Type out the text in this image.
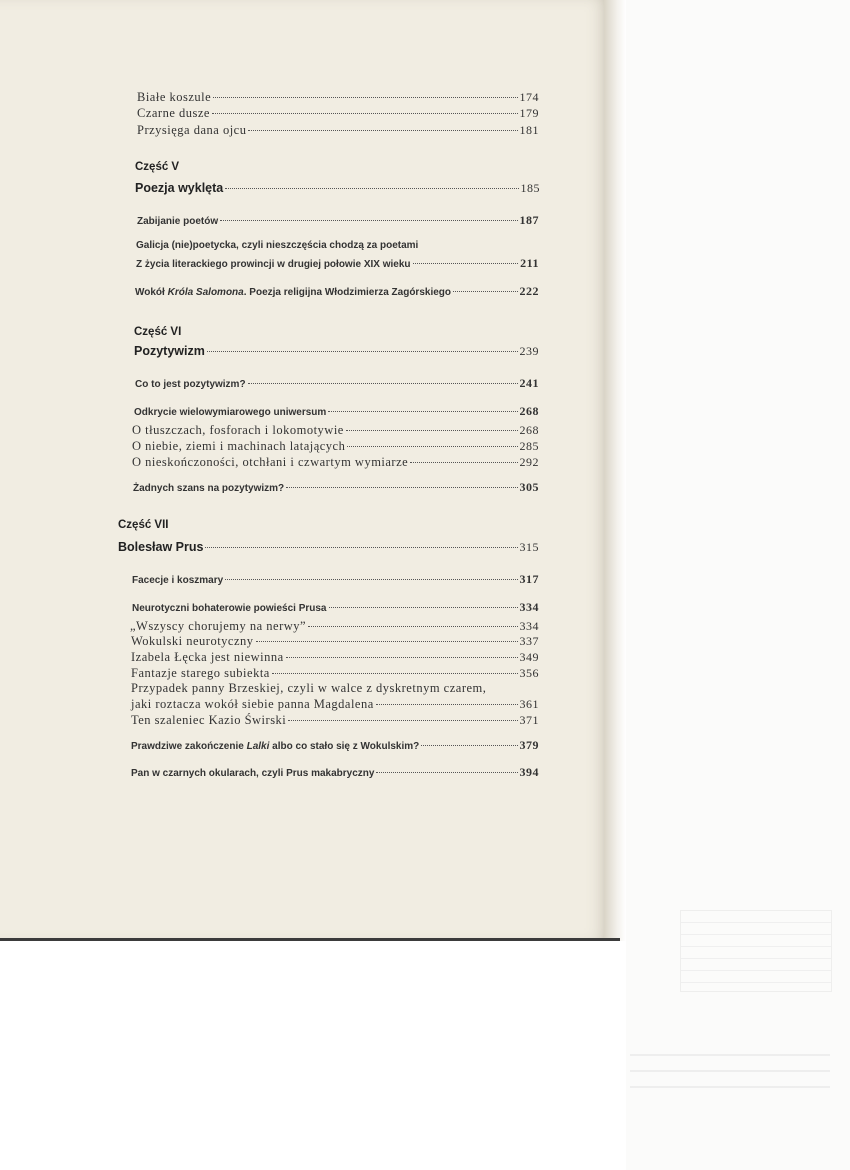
Białe koszule	174
Czarne dusze	179
Przysięga dana ojcu	181
Część V
Poezja wyklęta	185
Zabijanie poetów	187
Galicja (nie)poetycka, czyli nieszczęścia chodzą za poetami
Z życia literackiego prowincji w drugiej połowie XIX wieku	211
Wokół Króla Salomona. Poezja religijna Włodzimierza Zagórskiego	222
Część VI
Pozytywizm	239
Co to jest pozytywizm?	241
Odkrycie wielowymiarowego uniwersum	268
O tłuszczach, fosforach i lokomotywie	268
O niebie, ziemi i machinach latających	285
O nieskończoności, otchłani i czwartym wymiarze	292
Żadnych szans na pozytywizm?	305
Część VII
Bolesław Prus	315
Facecje i koszmary	317
Neurotyczni bohaterowie powieści Prusa	334
„Wszyscy chorujemy na nerwy”	334
Wokulski neurotyczny	337
Izabela Łęcka jest niewinna	349
Fantazje starego subiekta	356
Przypadek panny Brzeskiej, czyli w walce z dyskretnym czarem,
jaki roztacza wokół siebie panna Magdalena	361
Ten szaleniec Kazio Świrski	371
Prawdziwe zakończenie Lalki albo co stało się z Wokulskim?	379
Pan w czarnych okularach, czyli Prus makabryczny	394
